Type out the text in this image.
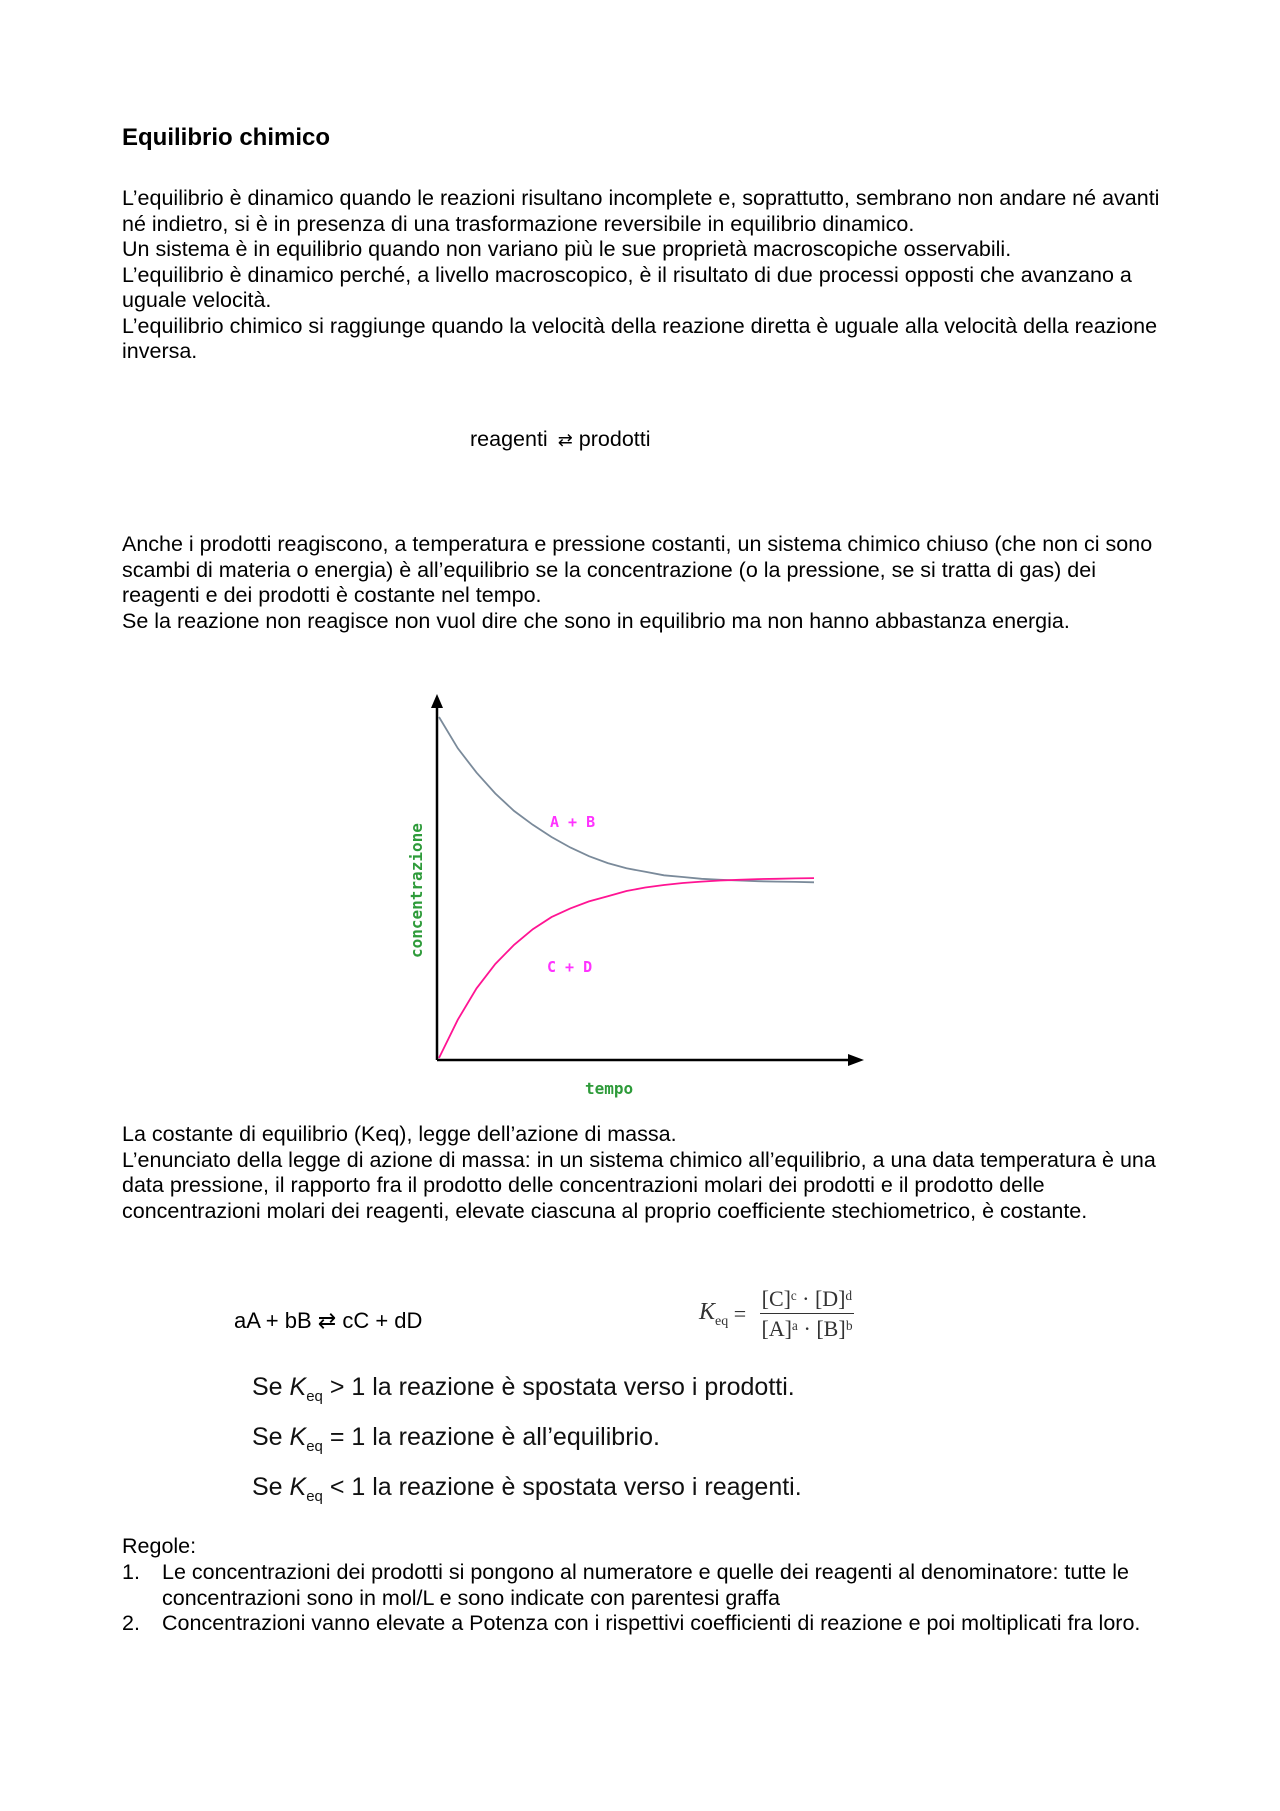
Equilibrio chimico
L’equilibrio è dinamico quando le reazioni risultano incomplete e, soprattutto, sembrano non andare né avanti né indietro, si è in presenza di una trasformazione reversibile in equilibrio dinamico.
Un sistema è in equilibrio quando non variano più le sue proprietà macroscopiche osservabili.
L’equilibrio è dinamico perché, a livello macroscopico, è il risultato di due processi opposti che avanzano a uguale velocità.
L’equilibrio chimico si raggiunge quando la velocità della reazione diretta è uguale alla velocità della reazione inversa.
reagenti ⇄ prodotti
Anche i prodotti reagiscono, a temperatura e pressione costanti, un sistema chimico chiuso (che non ci sono scambi di materia o energia) è all’equilibrio se la concentrazione (o la pressione, se si tratta di gas) dei reagenti e dei prodotti è costante nel tempo.
Se la reazione non reagisce non vuol dire che sono in equilibrio ma non hanno abbastanza energia.
A + B
C + D
tempo
concentrazione
La costante di equilibrio (Keq), legge dell’azione di massa.
L’enunciato della legge di azione di massa: in un sistema chimico all’equilibrio, a una data temperatura è una data pressione, il rapporto fra il prodotto delle concentrazioni molari dei prodotti e il prodotto delle concentrazioni molari dei reagenti, elevate ciascuna al proprio coefficiente stechiometrico, è costante.
aA + bB ⇄ cC + dD	$K_{eq} = \frac{\text{[C]ᶜ · [D]ᵈ}}{\text{[A]ᵃ · [B]ᵇ}}$
Se $K_{eq} > 1$ la reazione è spostata verso i prodotti.
Se $K_{eq} = 1$ la reazione è all’equilibrio.
Se $K_{eq} < 1$ la reazione è spostata verso i reagenti.
Regole:
1. Le concentrazioni dei prodotti si pongono al numeratore e quelle dei reagenti al denominatore: tutte le concentrazioni sono in mol/L e sono indicate con parentesi graffa
2. Concentrazioni vanno elevate a Potenza con i rispettivi coefficienti di reazione e poi moltiplicati fra loro.
